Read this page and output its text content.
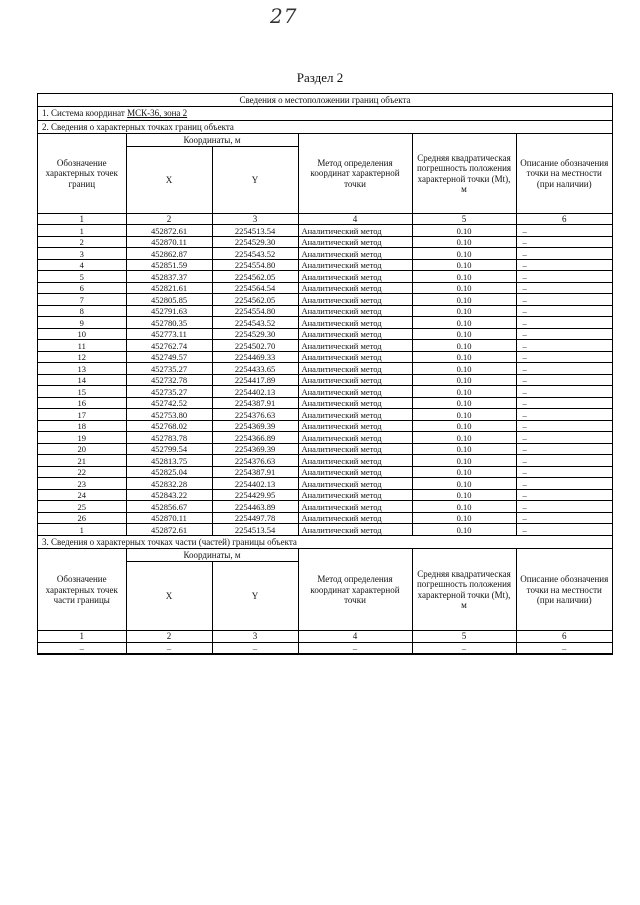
27
Раздел 2
Сведения о местоположении границ объекта
1. Система координат МСК-36, зона 2
2. Сведения о характерных точках границ объекта
Обозначение характерных точек границ	Координаты, м		Метод определения координат характерной точки	Средняя квадратическая погрешность положения характерной точки (Mt), м	Описание обозначения точки на местности (при наличии)
	X	Y			
1	2	3	4	5	6
1	452872.61	2254513.54	Аналитический метод	0.10	–
2	452870.11	2254529.30	Аналитический метод	0.10	–
3	452862.87	2254543.52	Аналитический метод	0.10	–
4	452851.59	2254554.80	Аналитический метод	0.10	–
5	452837.37	2254562.05	Аналитический метод	0.10	–
6	452821.61	2254564.54	Аналитический метод	0.10	–
7	452805.85	2254562.05	Аналитический метод	0.10	–
8	452791.63	2254554.80	Аналитический метод	0.10	–
9	452780.35	2254543.52	Аналитический метод	0.10	–
10	452773.11	2254529.30	Аналитический метод	0.10	–
11	452762.74	2254502.70	Аналитический метод	0.10	–
12	452749.57	2254469.33	Аналитический метод	0.10	–
13	452735.27	2254433.65	Аналитический метод	0.10	–
14	452732.78	2254417.89	Аналитический метод	0.10	–
15	452735.27	2254402.13	Аналитический метод	0.10	–
16	452742.52	2254387.91	Аналитический метод	0.10	–
17	452753.80	2254376.63	Аналитический метод	0.10	–
18	452768.02	2254369.39	Аналитический метод	0.10	–
19	452783.78	2254366.89	Аналитический метод	0.10	–
20	452799.54	2254369.39	Аналитический метод	0.10	–
21	452813.75	2254376.63	Аналитический метод	0.10	–
22	452825.04	2254387.91	Аналитический метод	0.10	–
23	452832.28	2254402.13	Аналитический метод	0.10	–
24	452843.22	2254429.95	Аналитический метод	0.10	–
25	452856.67	2254463.89	Аналитический метод	0.10	–
26	452870.11	2254497.78	Аналитический метод	0.10	–
1	452872.61	2254513.54	Аналитический метод	0.10	–
3. Сведения о характерных точках части (частей) границы объекта
Обозначение характерных точек части границы	Координаты, м		Метод определения координат характерной точки	Средняя квадратическая погрешность положения характерной точки (Mt), м	Описание обозначения точки на местности (при наличии)
	X	Y			
1	2	3	4	5	6
–	–	–	–	–	–
